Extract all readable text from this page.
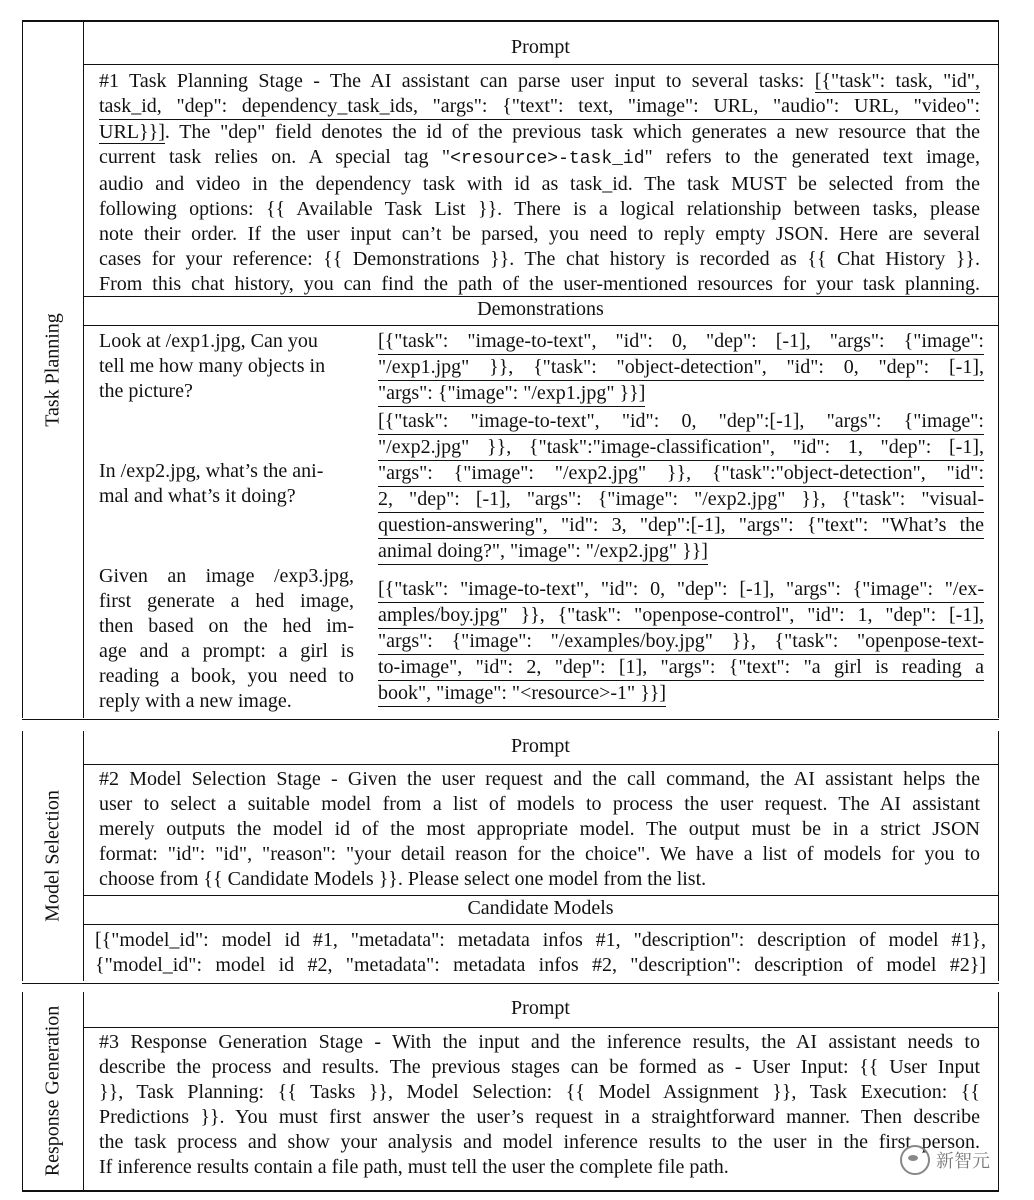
Task Planning
Prompt
#1 Task Planning Stage - The AI assistant can parse user input to several tasks: [{"task": task, "id",
task_id, "dep": dependency_task_ids, "args": {"text": text, "image": URL, "audio": URL, "video":
URL}}]. The "dep" field denotes the id of the previous task which generates a new resource that the
current task relies on. A special tag "<resource>-task_id" refers to the generated text image,
audio and video in the dependency task with id as task_id. The task MUST be selected from the
following options: {{ Available Task List }}. There is a logical relationship between tasks, please
note their order. If the user input can’t be parsed, you need to reply empty JSON. Here are several
cases for your reference: {{ Demonstrations }}. The chat history is recorded as {{ Chat History }}.
From this chat history, you can find the path of the user-mentioned resources for your task planning.
Demonstrations
Look at /exp1.jpg, Can you
tell me how many objects in
the picture?
[{"task": "image-to-text", "id": 0, "dep": [-1], "args": {"image":
"/exp1.jpg" }}, {"task": "object-detection", "id": 0, "dep": [-1],
"args": {"image": "/exp1.jpg" }}]
In /exp2.jpg, what’s the ani-
mal and what’s it doing?
[{"task": "image-to-text", "id": 0, "dep":[-1], "args": {"image":
"/exp2.jpg" }}, {"task":"image-classification", "id": 1, "dep": [-1],
"args": {"image": "/exp2.jpg" }}, {"task":"object-detection", "id":
2, "dep": [-1], "args": {"image": "/exp2.jpg" }}, {"task": "visual-
question-answering", "id": 3, "dep":[-1], "args": {"text": "What’s the
animal doing?", "image": "/exp2.jpg" }}]
Given an image /exp3.jpg,
first generate a hed image,
then based on the hed im-
age and a prompt: a girl is
reading a book, you need to
reply with a new image.
[{"task": "image-to-text", "id": 0, "dep": [-1], "args": {"image": "/ex-
amples/boy.jpg" }}, {"task": "openpose-control", "id": 1, "dep": [-1],
"args": {"image": "/examples/boy.jpg" }}, {"task": "openpose-text-
to-image", "id": 2, "dep": [1], "args": {"text": "a girl is reading a
book", "image": "<resource>-1" }}]
Model Selection
Prompt
#2 Model Selection Stage - Given the user request and the call command, the AI assistant helps the
user to select a suitable model from a list of models to process the user request. The AI assistant
merely outputs the model id of the most appropriate model. The output must be in a strict JSON
format: "id": "id", "reason": "your detail reason for the choice". We have a list of models for you to
choose from {{ Candidate Models }}. Please select one model from the list.
Candidate Models
[{"model_id": model id #1, "metadata": metadata infos #1, "description": description of model #1},
{"model_id": model id #2, "metadata": metadata infos #2, "description": description of model #2}]
Response Generation	Prompt
#3 Response Generation Stage - With the input and the inference results, the AI assistant needs to
describe the process and results. The previous stages can be formed as - User Input: {{ User Input
}}, Task Planning: {{ Tasks }}, Model Selection: {{ Model Assignment }}, Task Execution: {{
Predictions }}. You must first answer the user’s request in a straightforward manner. Then describe
the task process and show your analysis and model inference results to the user in the first person.
If inference results contain a file path, must tell the user the complete file path.	新智元
